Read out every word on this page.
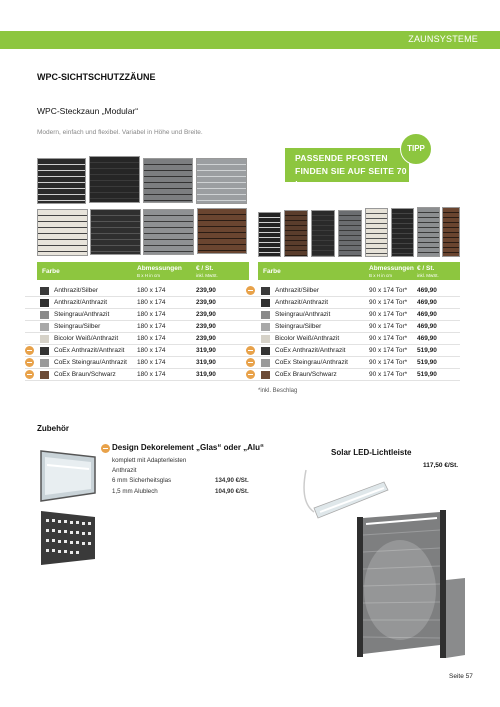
ZAUNSYSTEME
WPC-SICHTSCHUTZZÄUNE
WPC-Steckzaun „Modular“
Modern, einfach und flexibel. Variabel in Höhe und Breite.
PASSENDE PFOSTEN
FINDEN SIE AUF SEITE 70 !
TIPP
Farbe	Abmessungen
B x H in cm
€ / St.
inkl. MwSt.
Anthrazit/Silber	180 x 174	239,90
Anthrazit/Anthrazit	180 x 174	239,90
Steingrau/Anthrazit	180 x 174	239,90
Steingrau/Silber	180 x 174	239,90
Bicolor Weiß/Anthrazit	180 x 174	239,90
CoEx Anthrazit/Anthrazit 180 x 174	319,90
CoEx Steingrau/Anthrazit 180 x 174	319,90
CoEx Braun/Schwarz	180 x 174	319,90
Farbe	Abmessungen
B x H in cm
€ / St.
inkl. MwSt.
Anthrazit/Silber	90 x 174 Tor* 469,90
Anthrazit/Anthrazit	90 x 174 Tor* 469,90
Steingrau/Anthrazit	90 x 174 Tor* 469,90
Steingrau/Silber	90 x 174 Tor* 469,90
Bicolor Weiß/Anthrazit	90 x 174 Tor* 469,90
CoEx Anthrazit/Anthrazit	90 x 174 Tor* 519,90
CoEx Steingrau/Anthrazit	90 x 174 Tor* 519,90
CoEx Braun/Schwarz	90 x 174 Tor* 519,90
*inkl. Beschlag
Zubehör
Design Dekorelement „Glas“ oder „Alu“
komplett mit Adapterleisten
Anthrazit
6 mm Sicherheitsglas	134,90 €/St.
1,5 mm Alublech	104,90 €/St.
Solar LED-Lichtleiste
117,50 €/St.
Seite 57
